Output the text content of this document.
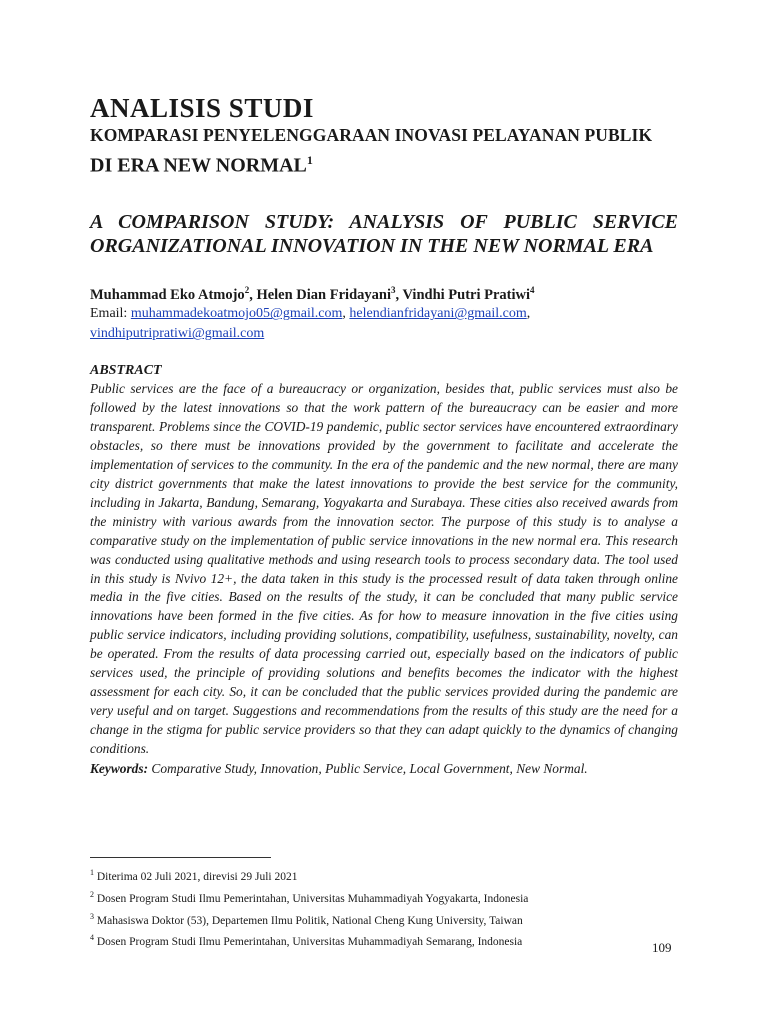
ANALISIS STUDI
KOMPARASI PENYELENGGARAAN INOVASI PELAYANAN PUBLIK
DI ERA NEW NORMAL$^1$
A COMPARISON STUDY: ANALYSIS OF PUBLIC SERVICE ORGANIZATIONAL INNOVATION IN THE NEW NORMAL ERA
Muhammad Eko Atmojo$^2$, Helen Dian Fridayani$^3$, Vindhi Putri Pratiwi$^4$
Email: muhammadekoatmojo05@gmail.com, helendianfridayani@gmail.com,
vindhiputripratiwi@gmail.com
ABSTRACT

Public services are the face of a bureaucracy or organization, besides that, public services must also be followed by the latest innovations so that the work pattern of the bureaucracy can be easier and more transparent. Problems since the COVID-19 pandemic, public sector services have encountered extraordinary obstacles, so there must be innovations provided by the government to facilitate and accelerate the implementation of services to the community. In the era of the pandemic and the new normal, there are many city district governments that make the latest innovations to provide the best service for the community, including in Jakarta, Bandung, Semarang, Yogyakarta and Surabaya. These cities also received awards from the ministry with various awards from the innovation sector. The purpose of this study is to analyse a comparative study on the implementation of public service innovations in the new normal era. This research was conducted using qualitative methods and using research tools to process secondary data. The tool used in this study is Nvivo 12+, the data taken in this study is the processed result of data taken through online media in the five cities. Based on the results of the study, it can be concluded that many public service innovations have been formed in the five cities. As for how to measure innovation in the five cities using public service indicators, including providing solutions, compatibility, usefulness, sustainability, novelty, can be operated. From the results of data processing carried out, especially based on the indicators of public services used, the principle of providing solutions and benefits becomes the indicator with the highest assessment for each city. So, it can be concluded that the public services provided during the pandemic are very useful and on target. Suggestions and recommendations from the results of this study are the need for a change in the stigma for public service providers so that they can adapt quickly to the dynamics of changing conditions.

Keywords: Comparative Study, Innovation, Public Service, Local Government, New Normal.
$^1$ Diterima 02 Juli 2021, direvisi 29 Juli 2021
$^2$ Dosen Program Studi Ilmu Pemerintahan, Universitas Muhammadiyah Yogyakarta, Indonesia
$^3$ Mahasiswa Doktor (53), Departemen Ilmu Politik, National Cheng Kung University, Taiwan
$^4$ Dosen Program Studi Ilmu Pemerintahan, Universitas Muhammadiyah Semarang, Indonesia	109
